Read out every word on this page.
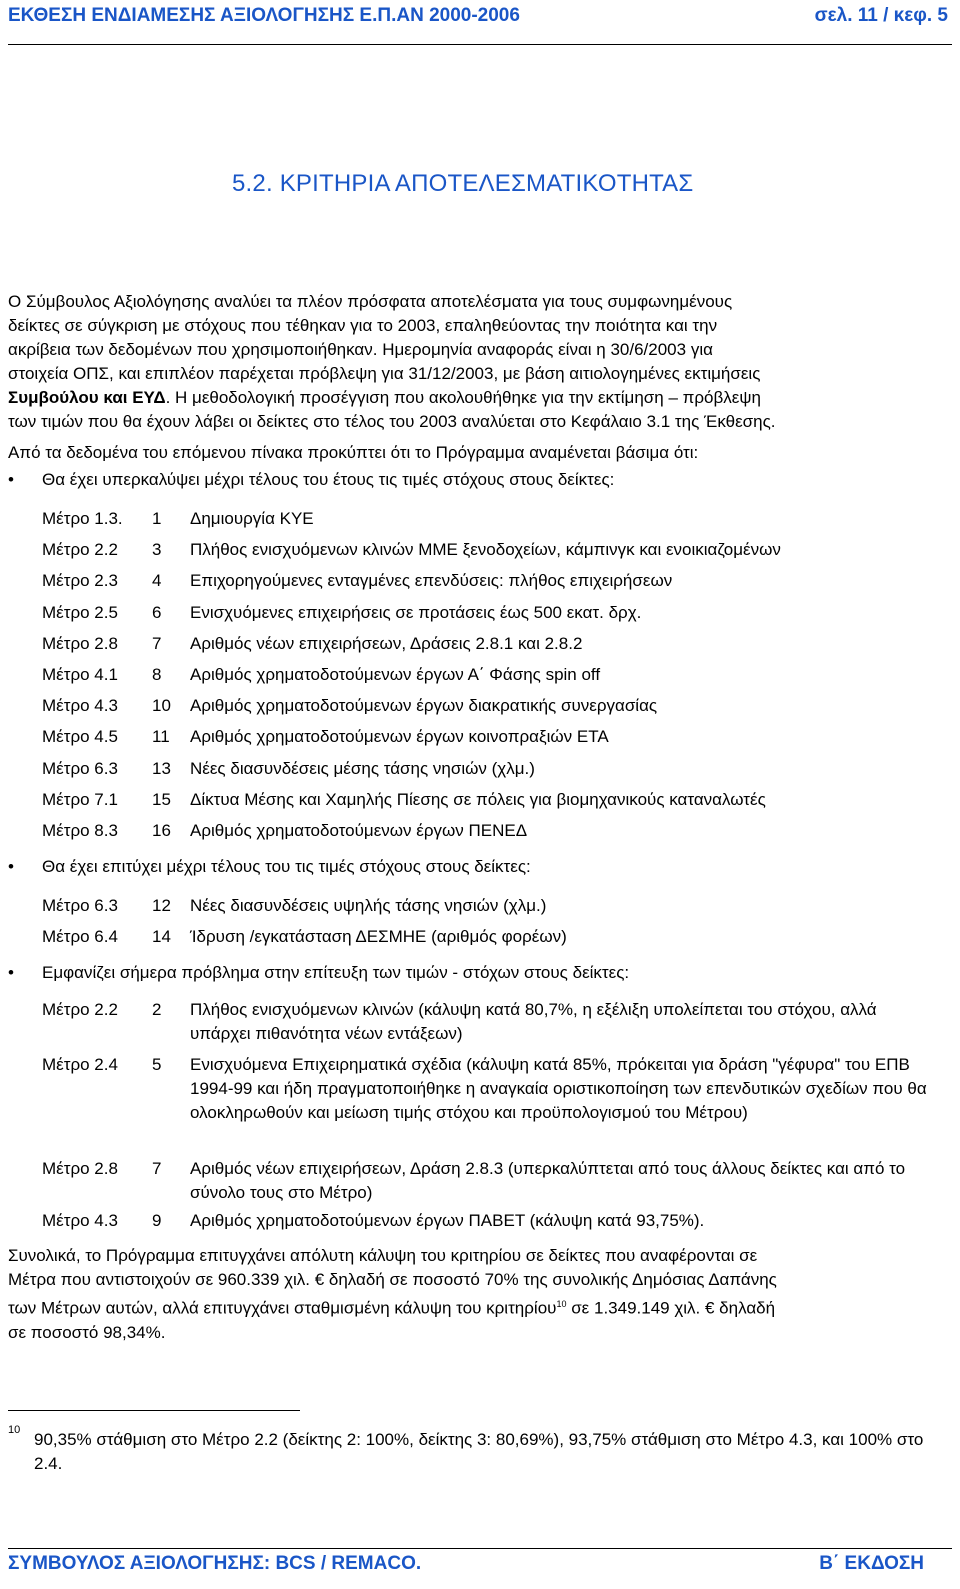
ΕΚΘΕΣΗ ΕΝΔΙΑΜΕΣΗΣ ΑΞΙΟΛΟΓΗΣΗΣ Ε.Π.ΑΝ 2000-2006	σελ. 11 / κεφ. 5
5.2. ΚΡΙΤΗΡΙΑ ΑΠΟΤΕΛΕΣΜΑΤΙΚΟΤΗΤΑΣ
Ο Σύμβουλος Αξιολόγησης αναλύει τα πλέον πρόσφατα αποτελέσματα για τους συμφωνημένους
δείκτες σε σύγκριση με στόχους που τέθηκαν για το 2003, επαληθεύοντας την ποιότητα και την
ακρίβεια των δεδομένων που χρησιμοποιήθηκαν. Ημερομηνία αναφοράς είναι η 30/6/2003 για
στοιχεία ΟΠΣ, και επιπλέον παρέχεται πρόβλεψη για 31/12/2003, με βάση αιτιολογημένες εκτιμήσεις
Συμβούλου και ΕΥΔ. Η μεθοδολογική προσέγγιση που ακολουθήθηκε για την εκτίμηση – πρόβλεψη
των τιμών που θα έχουν λάβει οι δείκτες στο τέλος του 2003 αναλύεται στο Κεφάλαιο 3.1 της Έκθεσης.
Από τα δεδομένα του επόμενου πίνακα προκύπτει ότι το Πρόγραμμα αναμένεται βάσιμα ότι:
• Θα έχει υπερκαλύψει μέχρι τέλους του έτους τις τιμές στόχους στους δείκτες:
Μέτρο 1.3.	1	Δημιουργία ΚΥΕ
Μέτρο 2.2	3	Πλήθος ενισχυόμενων κλινών ΜΜΕ ξενοδοχείων, κάμπινγκ και ενοικιαζομένων
Μέτρο 2.3	4	Επιχορηγούμενες ενταγμένες επενδύσεις: πλήθος επιχειρήσεων
Μέτρο 2.5	6	Ενισχυόμενες επιχειρήσεις σε προτάσεις έως 500 εκατ. δρχ.
Μέτρο 2.8	7	Αριθμός νέων επιχειρήσεων, Δράσεις 2.8.1 και 2.8.2
Μέτρο 4.1	8	Αριθμός χρηματοδοτούμενων έργων Α΄ Φάσης spin off
Μέτρο 4.3	10	Αριθμός χρηματοδοτούμενων έργων διακρατικής συνεργασίας
Μέτρο 4.5	11	Αριθμός χρηματοδοτούμενων έργων κοινοπραξιών ΕΤΑ
Μέτρο 6.3	13	Νέες διασυνδέσεις μέσης τάσης νησιών (χλμ.)
Μέτρο 7.1	15	Δίκτυα Μέσης και Χαμηλής Πίεσης σε πόλεις για βιομηχανικούς καταναλωτές
Μέτρο 8.3	16	Αριθμός χρηματοδοτούμενων έργων ΠΕΝΕΔ
• Θα έχει επιτύχει μέχρι τέλους του τις τιμές στόχους στους δείκτες:
Μέτρο 6.3	12	Νέες διασυνδέσεις υψηλής τάσης νησιών (χλμ.)
Μέτρο 6.4	14	Ίδρυση /εγκατάσταση ΔΕΣΜΗΕ (αριθμός φορέων)
• Εμφανίζει σήμερα πρόβλημα στην επίτευξη των τιμών - στόχων στους δείκτες:
Μέτρο 2.2	2	Πλήθος ενισχυόμενων κλινών (κάλυψη κατά 80,7%, η εξέλιξη υπολείπεται του στόχου, αλλά υπάρχει πιθανότητα νέων εντάξεων)
Μέτρο 2.4	5	Ενισχυόμενα Επιχειρηματικά σχέδια (κάλυψη κατά 85%, πρόκειται για δράση "γέφυρα" του ΕΠΒ 1994-99 και ήδη πραγματοποιήθηκε η αναγκαία οριστικοποίηση των επενδυτικών σχεδίων που θα ολοκληρωθούν και μείωση τιμής στόχου και προϋπολογισμού του Μέτρου)
Μέτρο 2.8	7	Αριθμός νέων επιχειρήσεων, Δράση 2.8.3 (υπερκαλύπτεται από τους άλλους δείκτες και από το σύνολο τους στο Μέτρο)
Μέτρο 4.3	9	Αριθμός χρηματοδοτούμενων έργων ΠΑΒΕΤ (κάλυψη κατά 93,75%).
Συνολικά, το Πρόγραμμα επιτυγχάνει απόλυτη κάλυψη του κριτηρίου σε δείκτες που αναφέρονται σε
Μέτρα που αντιστοιχούν σε 960.339 χιλ. € δηλαδή σε ποσοστό 70% της συνολικής Δημόσιας Δαπάνης
των Μέτρων αυτών, αλλά επιτυγχάνει σταθμισμένη κάλυψη του κριτηρίου$^{10}$ σε 1.349.149 χιλ. € δηλαδή
σε ποσοστό 98,34%.
10 90,35% στάθμιση στο Μέτρο 2.2 (δείκτης 2: 100%, δείκτης 3: 80,69%), 93,75% στάθμιση στο Μέτρο 4.3, και 100% στο 2.4.
ΣΥΜΒΟΥΛΟΣ ΑΞΙΟΛΟΓΗΣΗΣ: BCS / REMACO.	Β΄ ΕΚΔΟΣΗ
